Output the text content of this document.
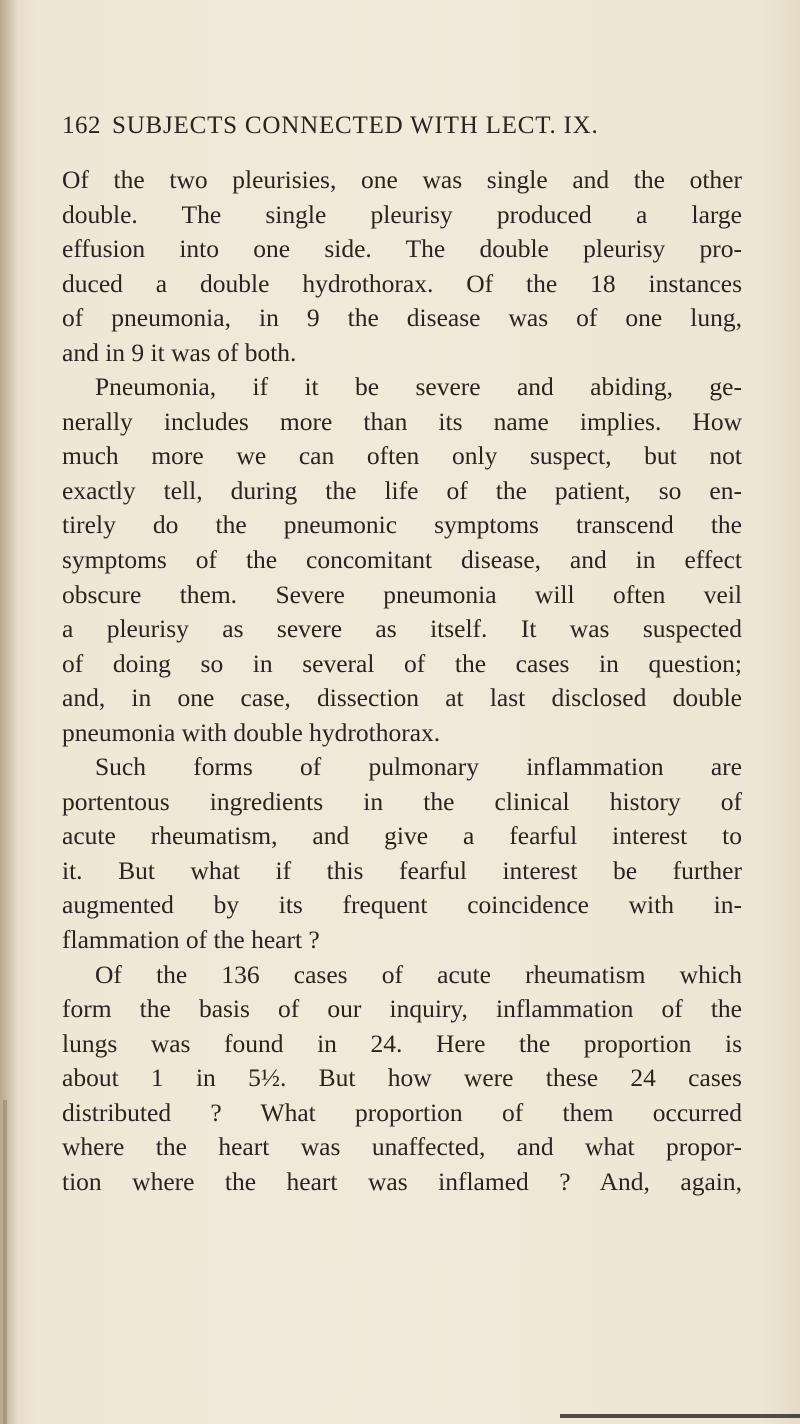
162 SUBJECTS CONNECTED WITH LECT. IX.
Of the two pleurisies, one was single and the other
double. The single pleurisy produced a large
effusion into one side. The double pleurisy pro-
duced a double hydrothorax. Of the 18 instances
of pneumonia, in 9 the disease was of one lung,
and in 9 it was of both.
Pneumonia, if it be severe and abiding, ge-
nerally includes more than its name implies. How
much more we can often only suspect, but not
exactly tell, during the life of the patient, so en-
tirely do the pneumonic symptoms transcend the
symptoms of the concomitant disease, and in effect
obscure them. Severe pneumonia will often veil
a pleurisy as severe as itself. It was suspected
of doing so in several of the cases in question;
and, in one case, dissection at last disclosed double
pneumonia with double hydrothorax.
Such forms of pulmonary inflammation are
portentous ingredients in the clinical history of
acute rheumatism, and give a fearful interest to
it. But what if this fearful interest be further
augmented by its frequent coincidence with in-
flammation of the heart ?
Of the 136 cases of acute rheumatism which
form the basis of our inquiry, inflammation of the
lungs was found in 24. Here the proportion is
about 1 in 5½. But how were these 24 cases
distributed ? What proportion of them occurred
where the heart was unaffected, and what propor-
tion where the heart was inflamed ? And, again,
